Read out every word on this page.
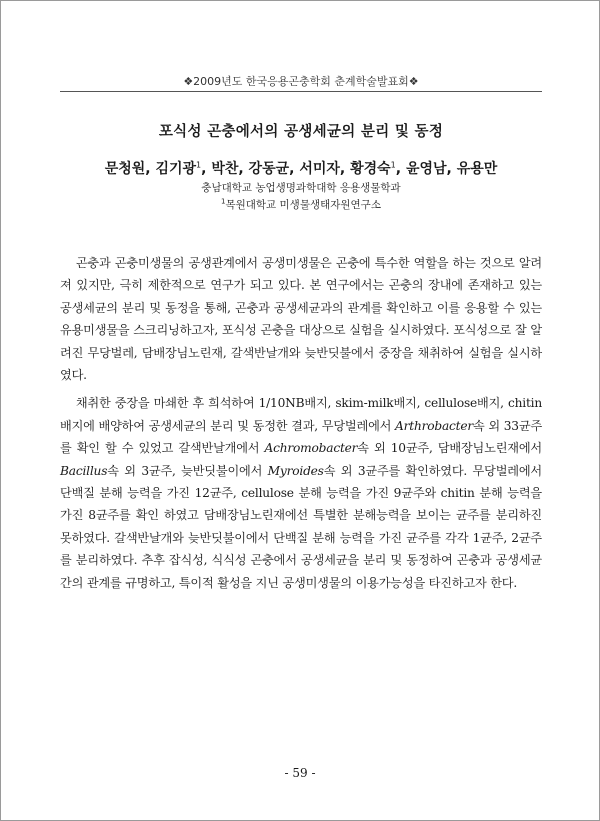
❖2009년도 한국응용곤충학회 춘계학술발표회❖
포식성 곤충에서의 공생세균의 분리 및 동정
문청원, 김기광$^1$, 박찬, 강동균, 서미자, 황경숙$^1$, 윤영남, 유용만
충남대학교 농업생명과학대학 응용생물학과
$^1$목원대학교 미생물생태자원연구소

곤충과 곤충미생물의 공생관계에서 공생미생물은 곤충에 특수한 역할을 하는 것으로 알려져 있지만, 극히 제한적으로 연구가 되고 있다. 본 연구에서는 곤충의 장내에 존재하고 있는 공생세균의 분리 및 동정을 통해, 곤충과 공생세균과의 관계를 확인하고 이를 응용할 수 있는 유용미생물을 스크리닝하고자, 포식성 곤충을 대상으로 실험을 실시하였다. 포식성으로 잘 알려진 무당벌레, 담배장님노린재, 갈색반날개와 늦반딧불에서 중장을 채취하여 실험을 실시하였다.

채취한 중장을 마쇄한 후 희석하여 1/10NB배지, skim-milk배지, cellulose배지, chitin배지에 배양하여 공생세균의 분리 및 동정한 결과, 무당벌레에서 Arthrobacter속 외 33균주를 확인 할 수 있었고 갈색반날개에서 Achromobacter속 외 10균주, 담배장님노린재에서 Bacillus속 외 3균주, 늦반딧불이에서 Myroides속 외 3균주를 확인하였다. 무당벌레에서 단백질 분해 능력을 가진 12균주, cellulose 분해 능력을 가진 9균주와 chitin 분해 능력을 가진 8균주를 확인 하였고 담배장님노린재에선 특별한 분해능력을 보이는 균주를 분리하진 못하였다. 갈색반날개와 늦반딧불이에서 단백질 분해 능력을 가진 균주를 각각 1균주, 2균주를 분리하였다. 추후 잡식성, 식식성 곤충에서 공생세균을 분리 및 동정하여 곤충과 공생세균간의 관계를 규명하고, 특이적 활성을 지닌 공생미생물의 이용가능성을 타진하고자 한다.

- 59 -
